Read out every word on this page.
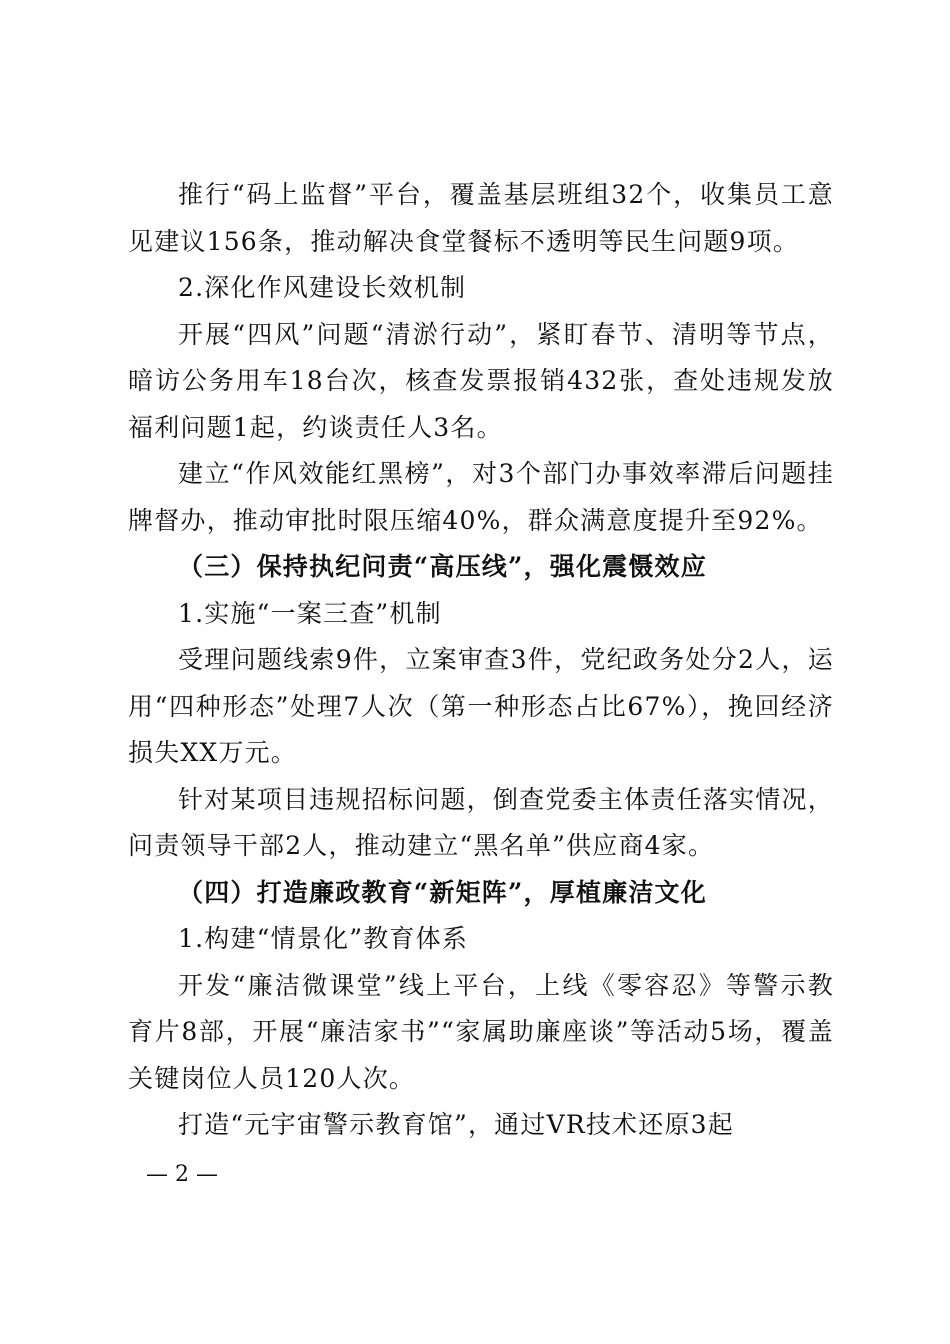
推行“码上监督”平台，覆盖基层班组32个，收集员工意见建议156条，推动解决食堂餐标不透明等民生问题9项。

2.深化作风建设长效机制

开展“四风”问题“清淤行动”，紧盯春节、清明等节点，暗访公务用车18台次，核查发票报销432张，查处违规发放福利问题1起，约谈责任人3名。

建立“作风效能红黑榜”，对3个部门办事效率滞后问题挂牌督办，推动审批时限压缩40%，群众满意度提升至92%。

（三）保持执纪问责“高压线”，强化震慑效应

1.实施“一案三查”机制

受理问题线索9件，立案审查3件，党纪政务处分2人，运用“四种形态”处理7人次（第一种形态占比67%），挽回经济损失XX万元。

针对某项目违规招标问题，倒查党委主体责任落实情况，问责领导干部2人，推动建立“黑名单”供应商4家。

（四）打造廉政教育“新矩阵”，厚植廉洁文化

1.构建“情景化”教育体系

开发“廉洁微课堂”线上平台，上线《零容忍》等警示教育片8部，开展“廉洁家书”“家属助廉座谈”等活动5场，覆盖关键岗位人员120人次。

打造“元宇宙警示教育馆”，通过VR技术还原3起

— 2 —
